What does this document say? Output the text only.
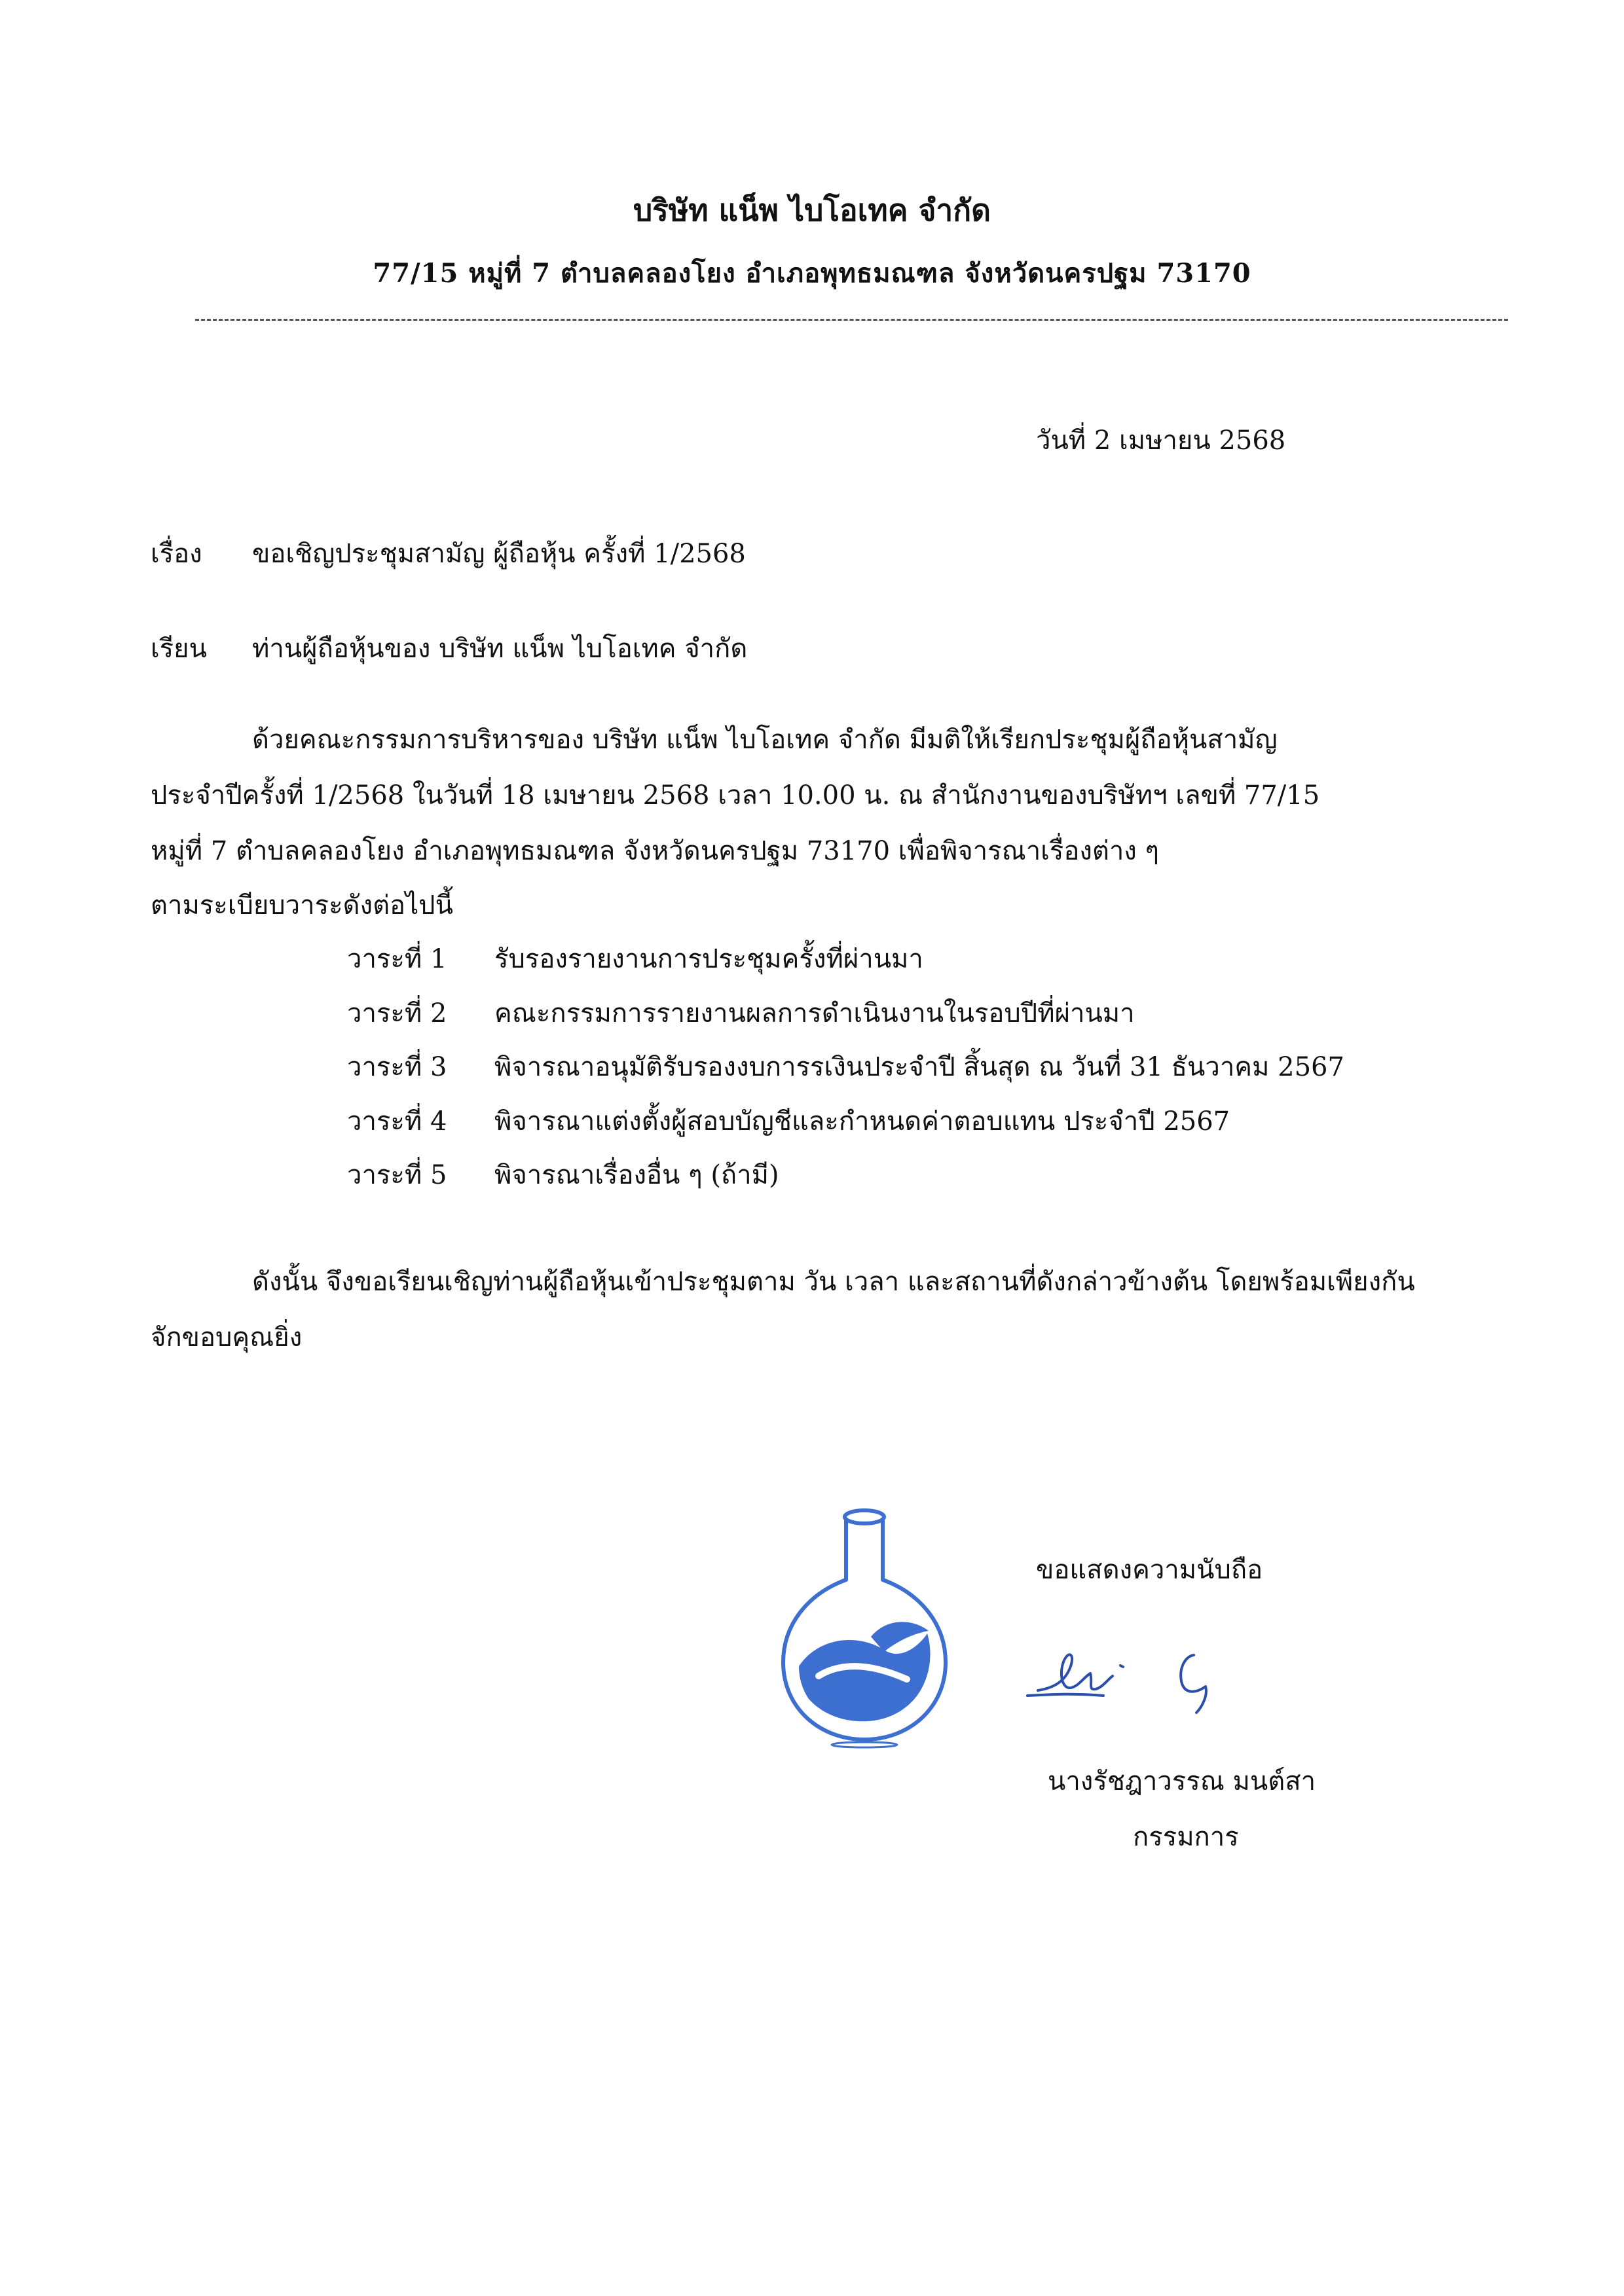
บริษัท แน็พ ไบโอเทค จำกัด
77/15 หมู่ที่ 7 ตำบลคลองโยง อำเภอพุทธมณฑล จังหวัดนครปฐม 73170
วันที่ 2 เมษายน 2568
เรื่อง ขอเชิญประชุมสามัญ ผู้ถือหุ้น ครั้งที่ 1/2568
เรียน ท่านผู้ถือหุ้นของ บริษัท แน็พ ไบโอเทค จำกัด
ด้วยคณะกรรมการบริหารของ บริษัท แน็พ ไบโอเทค จำกัด มีมติให้เรียกประชุมผู้ถือหุ้นสามัญ
ประจำปีครั้งที่ 1/2568 ในวันที่ 18 เมษายน 2568 เวลา 10.00 น. ณ สำนักงานของบริษัทฯ เลขที่ 77/15
หมู่ที่ 7 ตำบลคลองโยง อำเภอพุทธมณฑล จังหวัดนครปฐม 73170 เพื่อพิจารณาเรื่องต่าง ๆ
ตามระเบียบวาระดังต่อไปนี้
วาระที่ 1 รับรองรายงานการประชุมครั้งที่ผ่านมา
วาระที่ 2 คณะกรรมการรายงานผลการดำเนินงานในรอบปีที่ผ่านมา
วาระที่ 3 พิจารณาอนุมัติรับรองงบการรเงินประจำปี สิ้นสุด ณ วันที่ 31 ธันวาคม 2567
วาระที่ 4 พิจารณาแต่งตั้งผู้สอบบัญชีและกำหนดค่าตอบแทน ประจำปี 2567
วาระที่ 5 พิจารณาเรื่องอื่น ๆ (ถ้ามี)
ดังนั้น จึงขอเรียนเชิญท่านผู้ถือหุ้นเข้าประชุมตาม วัน เวลา และสถานที่ดังกล่าวข้างต้น โดยพร้อมเพียงกัน
จักขอบคุณยิ่ง
ขอแสดงความนับถือ
นางรัชฎาวรรณ มนต์สา
กรรมการ
